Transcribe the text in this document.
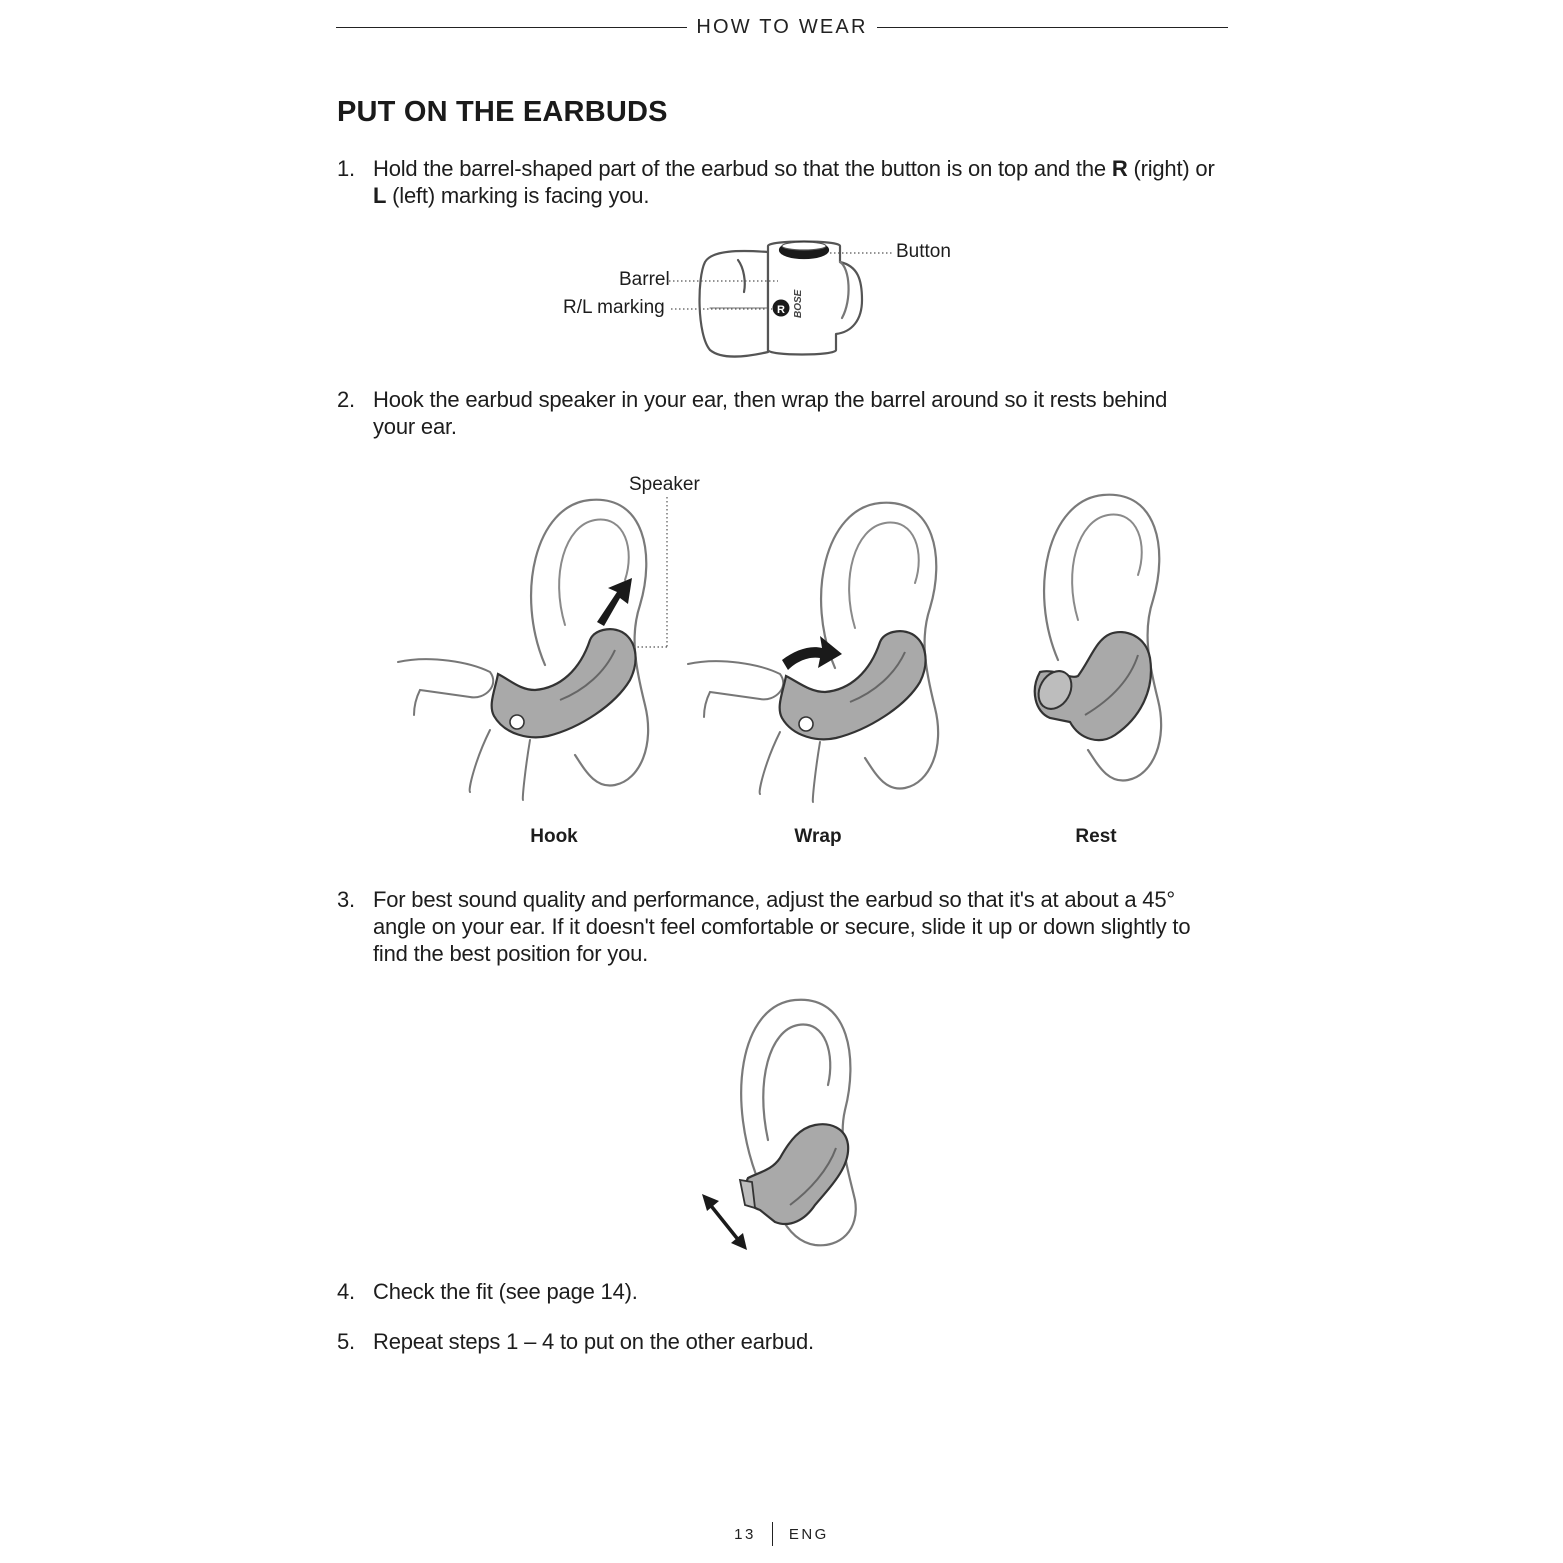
HOW TO WEAR
PUT ON THE EARBUDS
1. Hold the barrel-shaped part of the earbud so that the button is on top and the R (right) or L (left) marking is facing you.
R BOSE
Barrel
R/L marking
Button
2. Hook the earbud speaker in your ear, then wrap the barrel around so it rests behind your ear.
Speaker
Hook	Wrap	Rest
3. For best sound quality and performance, adjust the earbud so that it's at about a 45° angle on your ear. If it doesn't feel comfortable or secure, slide it up or down slightly to find the best position for you.
4. Check the fit (see page 14).
5. Repeat steps 1 – 4 to put on the other earbud.
13 ENG
